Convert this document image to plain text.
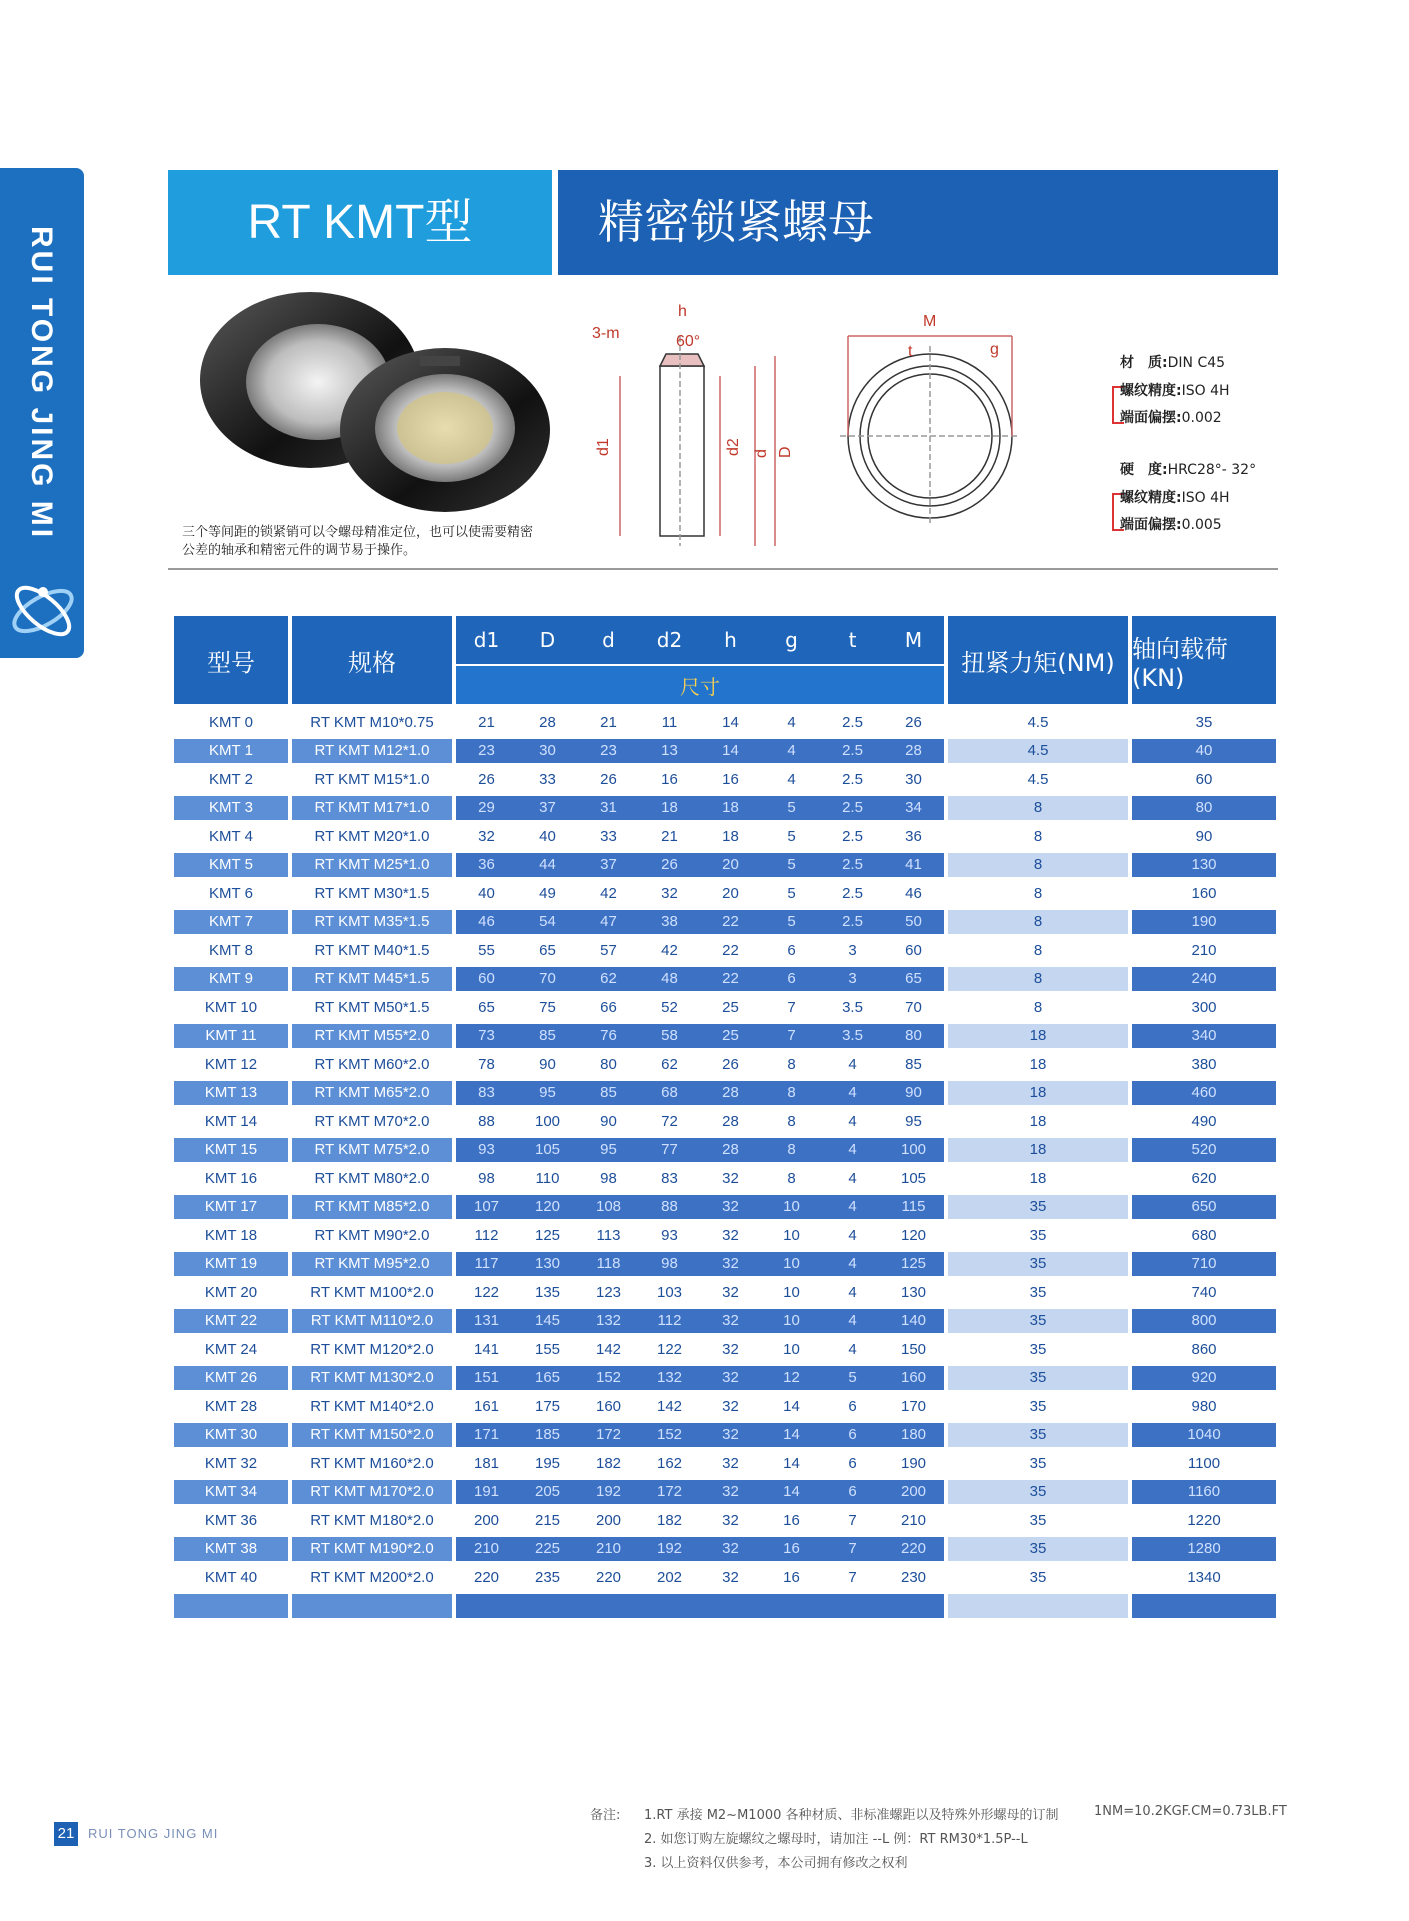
RUI TONG JING MI
RT KMT型	精密锁紧螺母
三个等间距的锁紧销可以令螺母精准定位，也可以使需要精密
公差的轴承和精密元件的调节易于操作。
3-m
h
60°
d1	d2 d D
M
t	g
材　质:DIN C45
螺纹精度:ISO 4H
端面偏摆:0.002
硬　度:HRC28°- 32°
螺纹精度:ISO 4H
端面偏摆:0.005
型号	规格
d1	D	d	d2	h	g	t	M
尺寸
扭紧力矩(NM) 轴向载荷(KN)
KMT 0	RT KMT M10*0.75	21	28	21	11	14	4	2.5	26	4.5	35
KMT 1	RT KMT M12*1.0	23	30	23	13	14	4	2.5	28	4.5	40
KMT 2	RT KMT M15*1.0	26	33	26	16	16	4	2.5	30	4.5	60
KMT 3	RT KMT M17*1.0	29	37	31	18	18	5	2.5	34	8	80
KMT 4	RT KMT M20*1.0	32	40	33	21	18	5	2.5	36	8	90
KMT 5	RT KMT M25*1.0	36	44	37	26	20	5	2.5	41	8	130
KMT 6	RT KMT M30*1.5	40	49	42	32	20	5	2.5	46	8	160
KMT 7	RT KMT M35*1.5	46	54	47	38	22	5	2.5	50	8	190
KMT 8	RT KMT M40*1.5	55	65	57	42	22	6	3	60	8	210
KMT 9	RT KMT M45*1.5	60	70	62	48	22	6	3	65	8	240
KMT 10	RT KMT M50*1.5	65	75	66	52	25	7	3.5	70	8	300
KMT 11	RT KMT M55*2.0	73	85	76	58	25	7	3.5	80	18	340
KMT 12	RT KMT M60*2.0	78	90	80	62	26	8	4	85	18	380
KMT 13	RT KMT M65*2.0	83	95	85	68	28	8	4	90	18	460
KMT 14	RT KMT M70*2.0	88	100	90	72	28	8	4	95	18	490
KMT 15	RT KMT M75*2.0	93	105	95	77	28	8	4	100	18	520
KMT 16	RT KMT M80*2.0	98	110	98	83	32	8	4	105	18	620
KMT 17	RT KMT M85*2.0	107	120	108	88	32	10	4	115	35	650
KMT 18	RT KMT M90*2.0	112	125	113	93	32	10	4	120	35	680
KMT 19	RT KMT M95*2.0	117	130	118	98	32	10	4	125	35	710
KMT 20	RT KMT M100*2.0	122	135	123	103	32	10	4	130	35	740
KMT 22	RT KMT M110*2.0	131	145	132	112	32	10	4	140	35	800
KMT 24	RT KMT M120*2.0	141	155	142	122	32	10	4	150	35	860
KMT 26	RT KMT M130*2.0	151	165	152	132	32	12	5	160	35	920
KMT 28	RT KMT M140*2.0	161	175	160	142	32	14	6	170	35	980
KMT 30	RT KMT M150*2.0	171	185	172	152	32	14	6	180	35	1040
KMT 32	RT KMT M160*2.0	181	195	182	162	32	14	6	190	35	1100
KMT 34	RT KMT M170*2.0	191	205	192	172	32	14	6	200	35	1160
KMT 36	RT KMT M180*2.0	200	215	200	182	32	16	7	210	35	1220
KMT 38	RT KMT M190*2.0	210	225	210	192	32	16	7	220	35	1280
KMT 40	RT KMT M200*2.0	220	235	220	202	32	16	7	230	35	1340
21 RUI TONG JING MI
备注: 1.RT 承接 M2~M1000 各种材质、非标准螺距以及特殊外形螺母的订制
2. 如您订购左旋螺纹之螺母时，请加注 --L 例：RT RM30*1.5P--L
3. 以上资料仅供参考，本公司拥有修改之权利
1NM=10.2KGF.CM=0.73LB.FT
